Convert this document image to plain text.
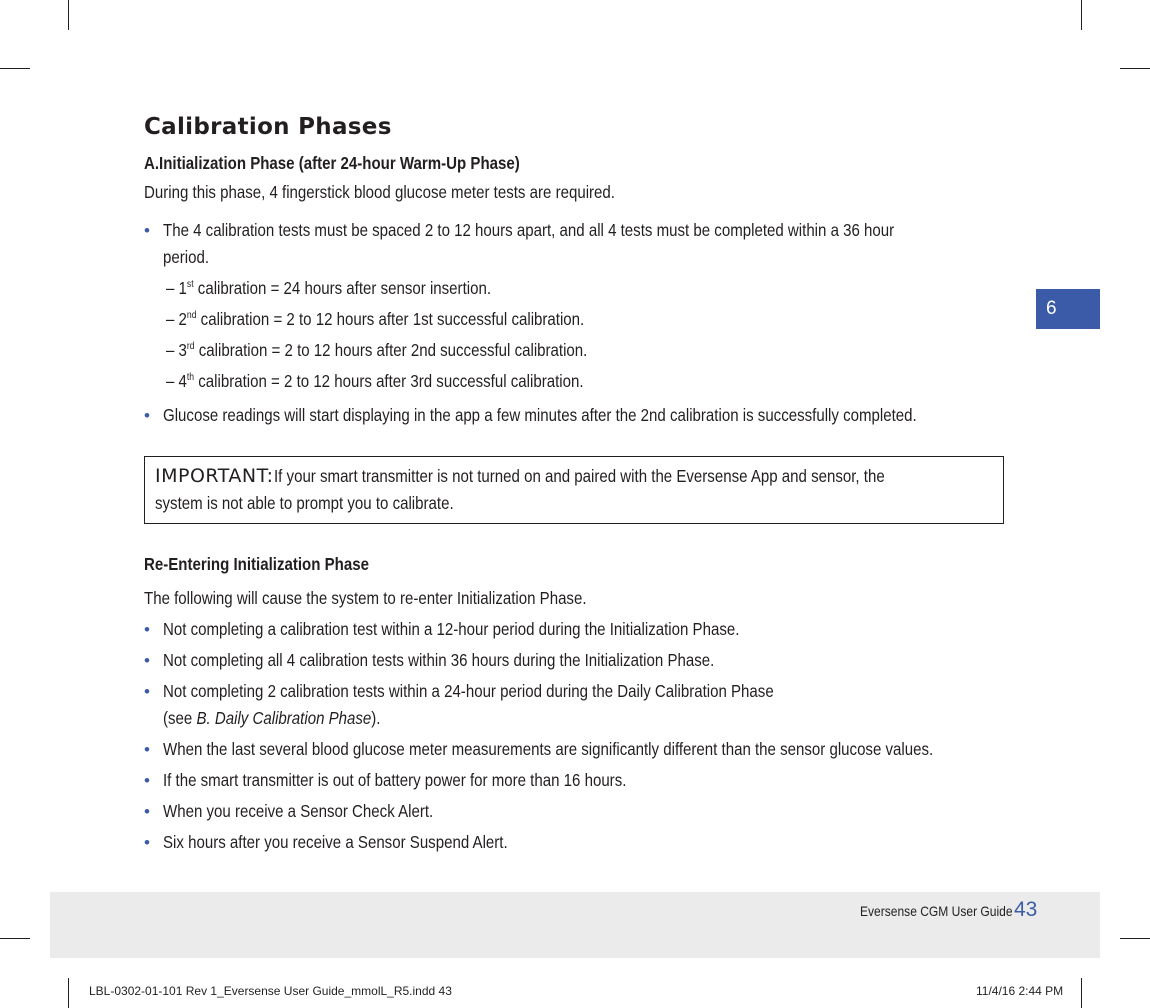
6
Calibration Phases
A.Initialization Phase (after 24-hour Warm-Up Phase)
During this phase, 4 fingerstick blood glucose meter tests are required.
• The 4 calibration tests must be spaced 2 to 12 hours apart, and all 4 tests must be completed within a 36 hour
period.
– 1st calibration = 24 hours after sensor insertion.
– 2nd calibration = 2 to 12 hours after 1st successful calibration.
– 3rd calibration = 2 to 12 hours after 2nd successful calibration.
– 4th calibration = 2 to 12 hours after 3rd successful calibration.
• Glucose readings will start displaying in the app a few minutes after the 2nd calibration is successfully completed.
IMPORTANT:If your smart transmitter is not turned on and paired with the Eversense App and sensor, the
system is not able to prompt you to calibrate.
Re-Entering Initialization Phase
The following will cause the system to re-enter Initialization Phase.
• Not completing a calibration test within a 12-hour period during the Initialization Phase.
• Not completing all 4 calibration tests within 36 hours during the Initialization Phase.
• Not completing 2 calibration tests within a 24-hour period during the Daily Calibration Phase
(see B. Daily Calibration Phase).
• When the last several blood glucose meter measurements are significantly different than the sensor glucose values.
• If the smart transmitter is out of battery power for more than 16 hours.
• When you receive a Sensor Check Alert.
• Six hours after you receive a Sensor Suspend Alert.
Eversense CGM User Guide 43
LBL-0302-01-101 Rev 1_Eversense User Guide_mmolL_R5.indd 43	11/4/16 2:44 PM
